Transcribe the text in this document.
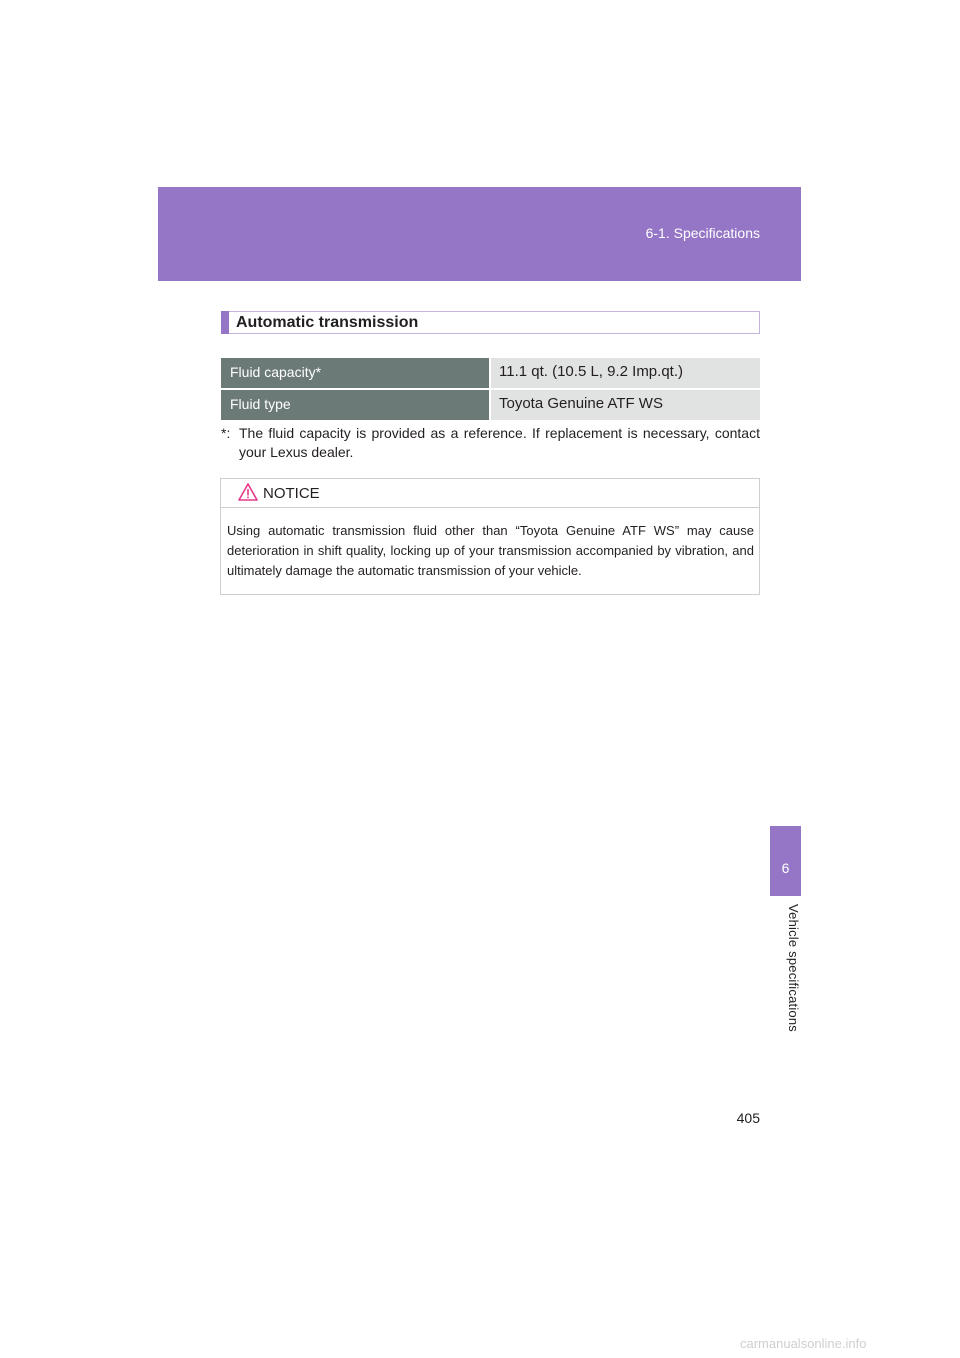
6-1. Specifications
6
Vehicle specifications
Automatic transmission
Fluid capacity*	11.1 qt. (10.5 L, 9.2 Imp.qt.)
Fluid type	Toyota Genuine ATF WS
*: The fluid capacity is provided as a reference. If replacement is necessary, contact your Lexus dealer.
NOTICE
Using automatic transmission fluid other than “Toyota Genuine ATF WS” may cause deterioration in shift quality, locking up of your transmission accompanied by vibration, and ultimately damage the automatic transmission of your vehicle.
405
carmanualsonline.info
